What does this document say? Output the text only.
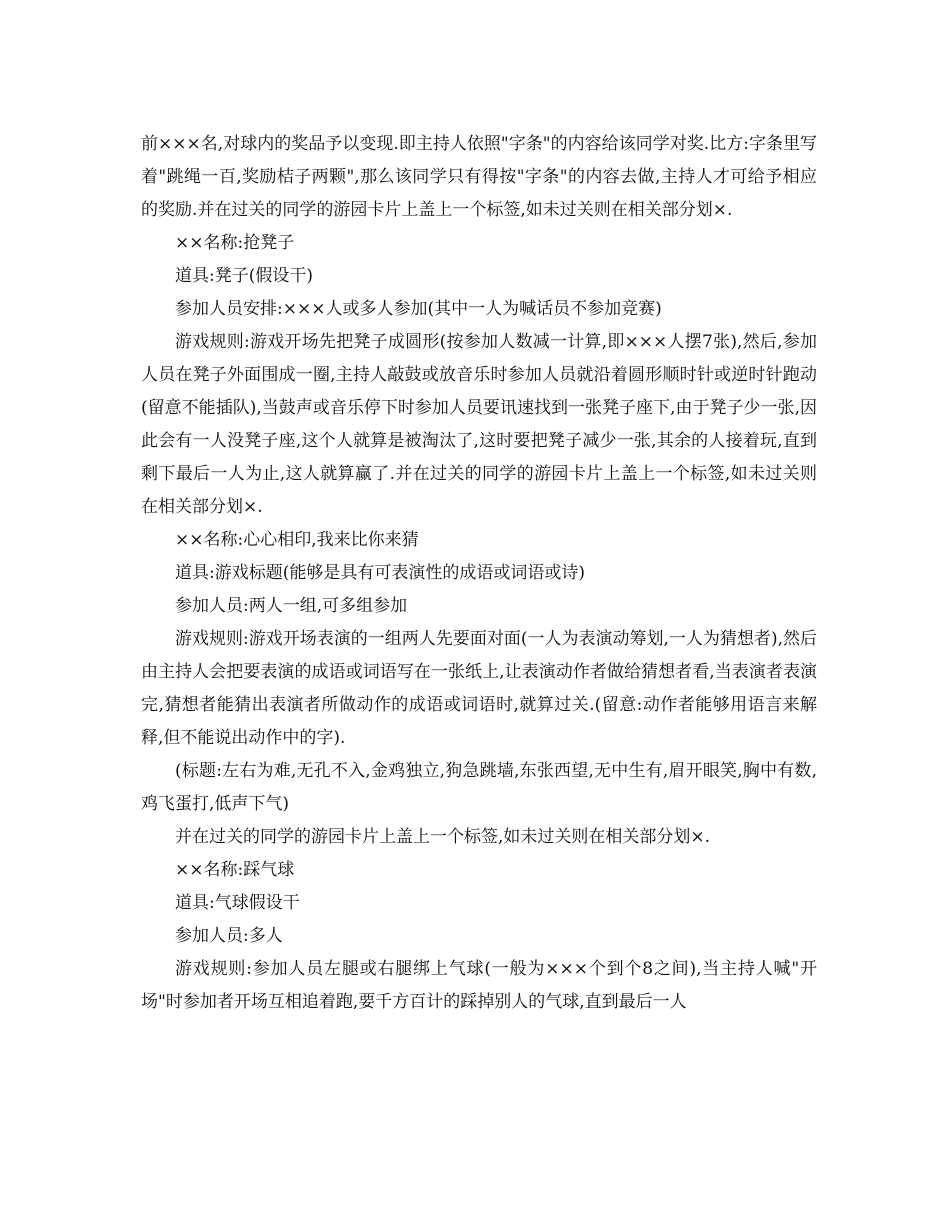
前×××名,对球内的奖品予以变现.即主持人依照"字条"的内容给该同学对奖.比方:字条里写着"跳绳一百,奖励桔子两颗",那么该同学只有得按"字条"的内容去做,主持人才可给予相应的奖励.并在过关的同学的游园卡片上盖上一个标签,如未过关则在相关部分划×.

××名称:抢凳子

道具:凳子(假设干)

参加人员安排:×××人或多人参加(其中一人为喊话员不参加竞赛)

游戏规则:游戏开场先把凳子成圆形(按参加人数减一计算,即×××人摆7张),然后,参加人员在凳子外面围成一圈,主持人敲鼓或放音乐时参加人员就沿着圆形顺时针或逆时针跑动(留意不能插队),当鼓声或音乐停下时参加人员要讯速找到一张凳子座下,由于凳子少一张,因此会有一人没凳子座,这个人就算是被淘汰了,这时要把凳子减少一张,其余的人接着玩,直到剩下最后一人为止,这人就算赢了.并在过关的同学的游园卡片上盖上一个标签,如未过关则在相关部分划×.

××名称:心心相印,我来比你来猜

道具:游戏标题(能够是具有可表演性的成语或词语或诗)

参加人员:两人一组,可多组参加

游戏规则:游戏开场表演的一组两人先要面对面(一人为表演动筹划,一人为猜想者),然后由主持人会把要表演的成语或词语写在一张纸上,让表演动作者做给猜想者看,当表演者表演完,猜想者能猜出表演者所做动作的成语或词语时,就算过关.(留意:动作者能够用语言来解释,但不能说出动作中的字).

(标题:左右为难,无孔不入,金鸡独立,狗急跳墙,东张西望,无中生有,眉开眼笑,胸中有数,鸡飞蛋打,低声下气)

并在过关的同学的游园卡片上盖上一个标签,如未过关则在相关部分划×.

××名称:踩气球

道具:气球假设干

参加人员:多人

游戏规则:参加人员左腿或右腿绑上气球(一般为×××个到个8之间),当主持人喊"开场"时参加者开场互相追着跑,要千方百计的踩掉别人的气球,直到最后一人
